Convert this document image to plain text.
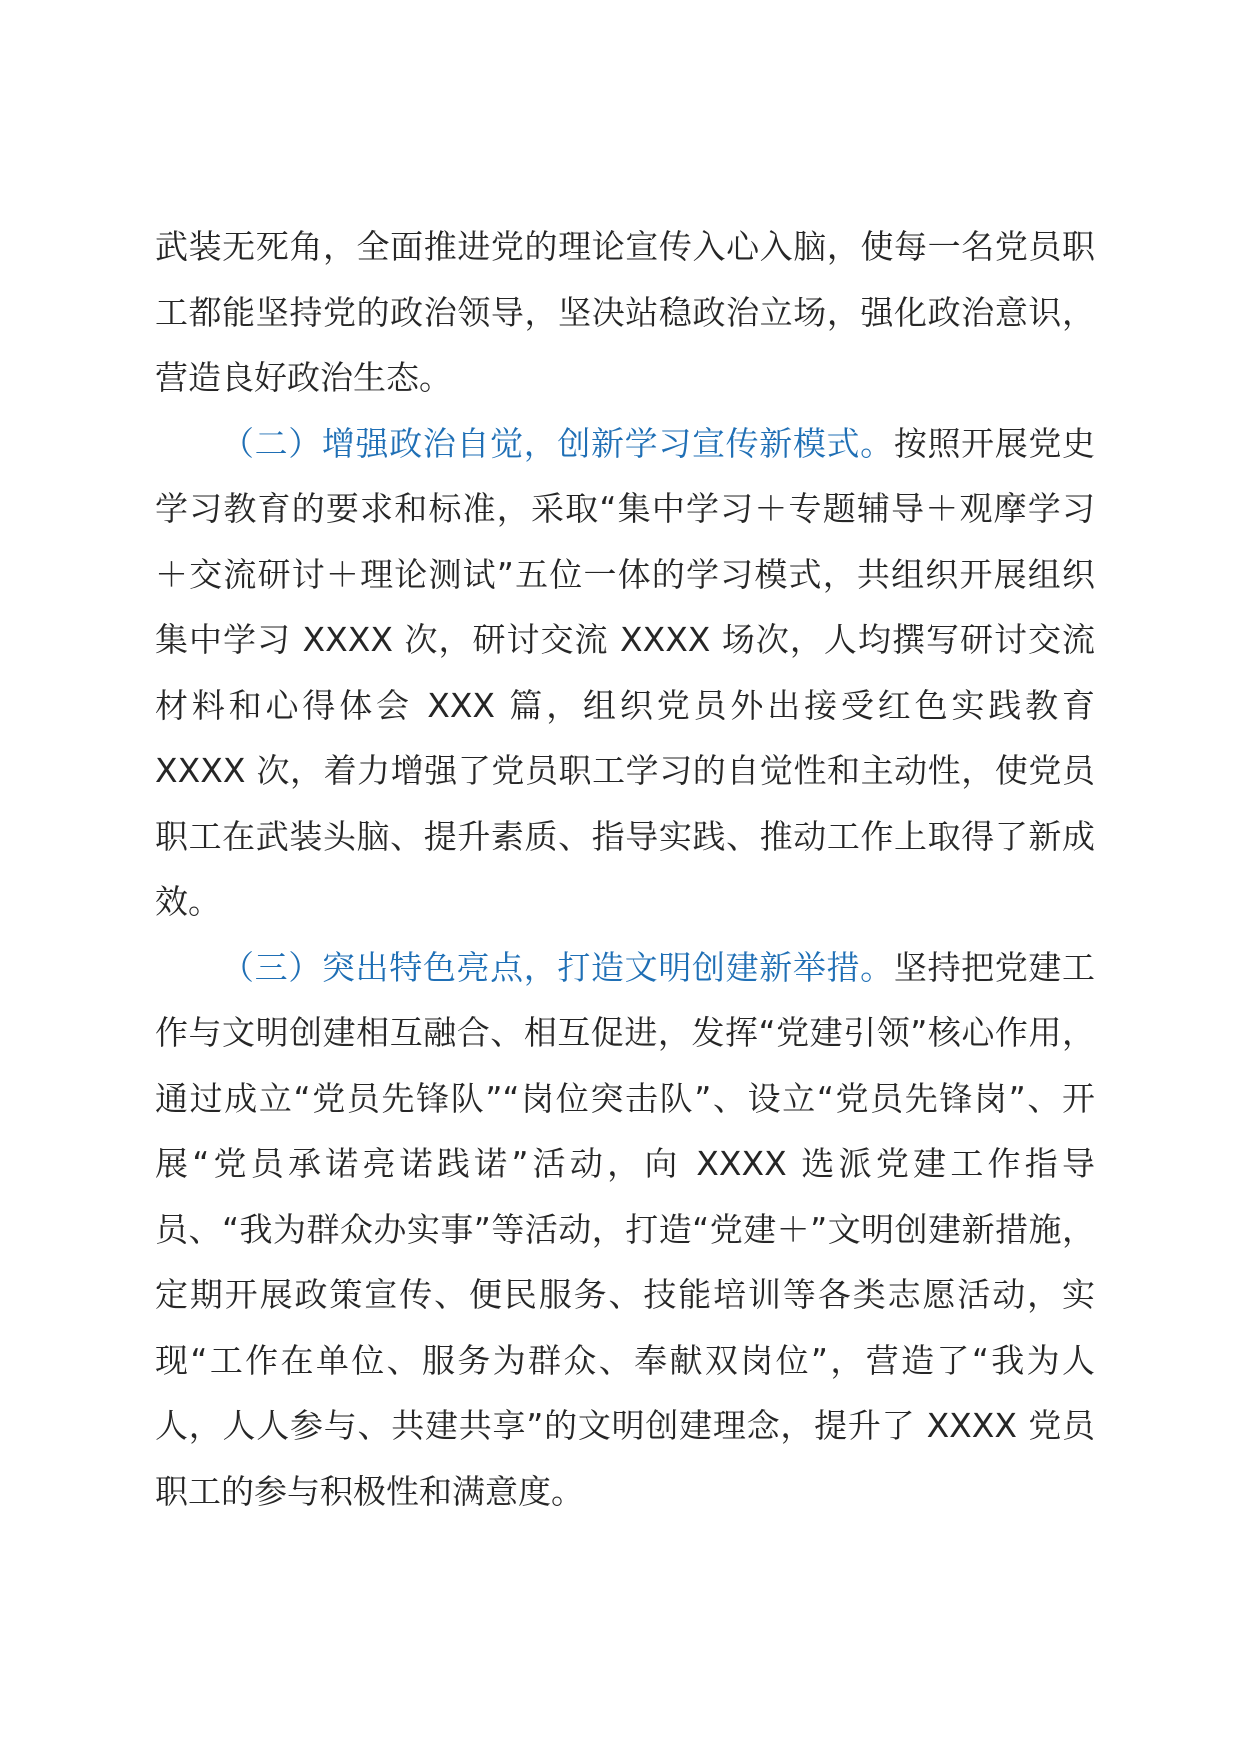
武装无死角，全面推进党的理论宣传入心入脑，使每一名党员职工都能坚持党的政治领导，坚决站稳政治立场，强化政治意识，营造良好政治生态。

（二）增强政治自觉，创新学习宣传新模式。按照开展党史学习教育的要求和标准，采取“集中学习＋专题辅导＋观摩学习＋交流研讨＋理论测试”五位一体的学习模式，共组织开展组织集中学习 XXXX 次，研讨交流 XXXX 场次，人均撰写研讨交流材料和心得体会 XXX 篇，组织党员外出接受红色实践教育 XXXX 次，着力增强了党员职工学习的自觉性和主动性，使党员职工在武装头脑、提升素质、指导实践、推动工作上取得了新成效。

（三）突出特色亮点，打造文明创建新举措。坚持把党建工作与文明创建相互融合、相互促进，发挥“党建引领”核心作用，通过成立“党员先锋队”“岗位突击队”、设立“党员先锋岗”、开展“党员承诺亮诺践诺”活动，向 XXXX 选派党建工作指导员、“我为群众办实事”等活动，打造“党建＋”文明创建新措施，定期开展政策宣传、便民服务、技能培训等各类志愿活动，实现“工作在单位、服务为群众、奉献双岗位”，营造了“我为人人，人人参与、共建共享”的文明创建理念，提升了 XXXX 党员职工的参与积极性和满意度。
